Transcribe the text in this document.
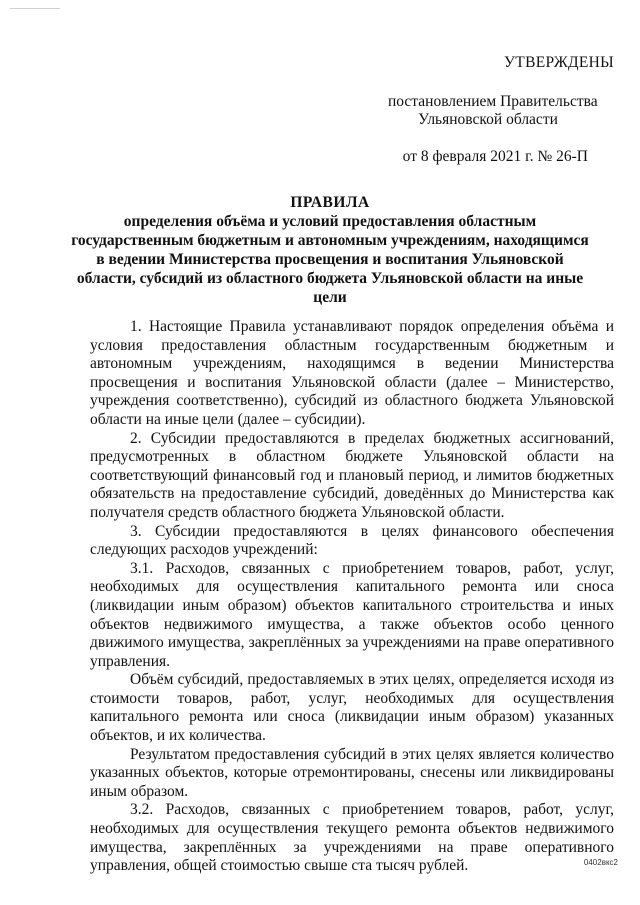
УТВЕРЖДЕНЫ
постановлением Правительства
Ульяновской области
от 8 февраля 2021 г. № 26-П
ПРАВИЛА
определения объёма и условий предоставления областным государственным бюджетным и автономным учреждениям, находящимся в ведении Министерства просвещения и воспитания Ульяновской области, субсидий из областного бюджета Ульяновской области на иные цели

1. Настоящие Правила устанавливают порядок определения объёма и условия предоставления областным государственным бюджетным и автономным учреждениям, находящимся в ведении Министерства просвещения и воспитания Ульяновской области (далее – Министерство, учреждения соответственно), субсидий из областного бюджета Ульяновской области на иные цели (далее – субсидии).

2. Субсидии предоставляются в пределах бюджетных ассигнований, предусмотренных в областном бюджете Ульяновской области на соответствующий финансовый год и плановый период, и лимитов бюджетных обязательств на предоставление субсидий, доведённых до Министерства как получателя средств областного бюджета Ульяновской области.

3. Субсидии предоставляются в целях финансового обеспечения следующих расходов учреждений:

3.1. Расходов, связанных с приобретением товаров, работ, услуг, необходимых для осуществления капитального ремонта или сноса (ликвидации иным образом) объектов капитального строительства и иных объектов недвижимого имущества, а также объектов особо ценного движимого имущества, закреплённых за учреждениями на праве оперативного управления.

Объём субсидий, предоставляемых в этих целях, определяется исходя из стоимости товаров, работ, услуг, необходимых для осуществления капитального ремонта или сноса (ликвидации иным образом) указанных объектов, и их количества.

Результатом предоставления субсидий в этих целях является количество указанных объектов, которые отремонтированы, снесены или ликвидированы иным образом.

3.2. Расходов, связанных с приобретением товаров, работ, услуг, необходимых для осуществления текущего ремонта объектов недвижимого имущества, закреплённых за учреждениями на праве оперативного управления, общей стоимостью свыше ста тысяч рублей.	0402вкс2
